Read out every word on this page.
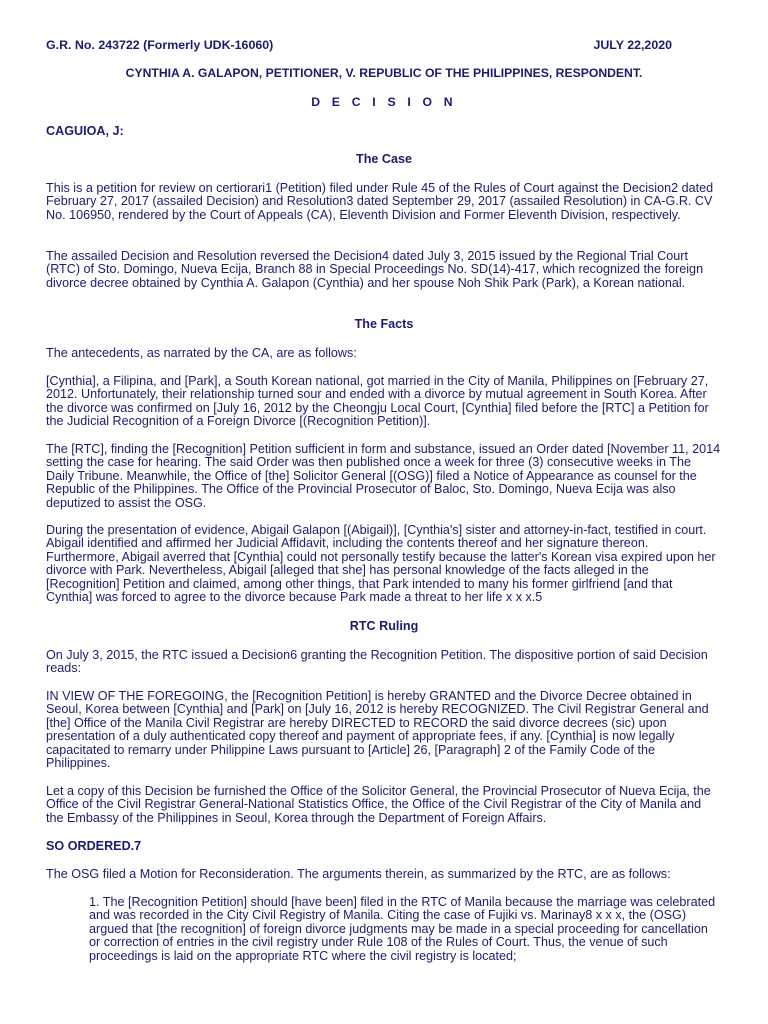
G.R. No. 243722 (Formerly UDK-16060)	JULY 22,2020
CYNTHIA A. GALAPON, PETITIONER, V. REPUBLIC OF THE PHILIPPINES, RESPONDENT.
D E C I S I O N
CAGUIOA, J:
The Case

This is a petition for review on certiorari1 (Petition) filed under Rule 45 of the Rules of Court against the Decision2 dated February 27, 2017 (assailed Decision) and Resolution3 dated September 29, 2017 (assailed Resolution) in CA-G.R. CV No. 106950, rendered by the Court of Appeals (CA), Eleventh Division and Former Eleventh Division, respectively.

The assailed Decision and Resolution reversed the Decision4 dated July 3, 2015 issued by the Regional Trial Court (RTC) of Sto. Domingo, Nueva Ecija, Branch 88 in Special Proceedings No. SD(14)-417, which recognized the foreign divorce decree obtained by Cynthia A. Galapon (Cynthia) and her spouse Noh Shik Park (Park), a Korean national.

The Facts

The antecedents, as narrated by the CA, are as follows:

[Cynthia], a Filipina, and [Park], a South Korean national, got married in the City of Manila, Philippines on [February 27, 2012. Unfortunately, their relationship turned sour and ended with a divorce by mutual agreement in South Korea. After the divorce was confirmed on [July 16, 2012 by the Cheongju Local Court, [Cynthia] filed before the [RTC] a Petition for the Judicial Recognition of a Foreign Divorce [(Recognition Petition)].

The [RTC], finding the [Recognition] Petition sufficient in form and substance, issued an Order dated [November 11, 2014 setting the case for hearing. The said Order was then published once a week for three (3) consecutive weeks in The Daily Tribune. Meanwhile, the Office of [the] Solicitor General [(OSG)] filed a Notice of Appearance as counsel for the Republic of the Philippines. The Office of the Provincial Prosecutor of Baloc, Sto. Domingo, Nueva Ecija was also deputized to assist the OSG.

During the presentation of evidence, Abigail Galapon [(Abigail)], [Cynthia's] sister and attorney-in-fact, testified in court. Abigail identified and affirmed her Judicial Affidavit, including the contents thereof and her signature thereon. Furthermore, Abigail averred that [Cynthia] could not personally testify because the latter's Korean visa expired upon her divorce with Park. Nevertheless, Abigail [alleged that she] has personal knowledge of the facts alleged in the [Recognition] Petition and claimed, among other things, that Park intended to many his former girlfriend [and that Cynthia] was forced to agree to the divorce because Park made a threat to her life x x x.5

RTC Ruling

On July 3, 2015, the RTC issued a Decision6 granting the Recognition Petition. The dispositive portion of said Decision reads:

IN VIEW OF THE FOREGOING, the [Recognition Petition] is hereby GRANTED and the Divorce Decree obtained in Seoul, Korea between [Cynthia] and [Park] on [July 16, 2012 is hereby RECOGNIZED. The Civil Registrar General and [the] Office of the Manila Civil Registrar are hereby DIRECTED to RECORD the said divorce decrees (sic) upon presentation of a duly authenticated copy thereof and payment of appropriate fees, if any. [Cynthia] is now legally capacitated to remarry under Philippine Laws pursuant to [Article] 26, [Paragraph] 2 of the Family Code of the Philippines.

Let a copy of this Decision be furnished the Office of the Solicitor General, the Provincial Prosecutor of Nueva Ecija, the Office of the Civil Registrar General-National Statistics Office, the Office of the Civil Registrar of the City of Manila and the Embassy of the Philippines in Seoul, Korea through the Department of Foreign Affairs.

SO ORDERED.7

The OSG filed a Motion for Reconsideration. The arguments therein, as summarized by the RTC, are as follows:

1. The [Recognition Petition] should [have been] filed in the RTC of Manila because the marriage was celebrated and was recorded in the City Civil Registry of Manila. Citing the case of Fujiki vs. Marinay8 x x x, the (OSG) argued that [the recognition] of foreign divorce judgments may be made in a special proceeding for cancellation or correction of entries in the civil registry under Rule 108 of the Rules of Court. Thus, the venue of such proceedings is laid on the appropriate RTC where the civil registry is located;
